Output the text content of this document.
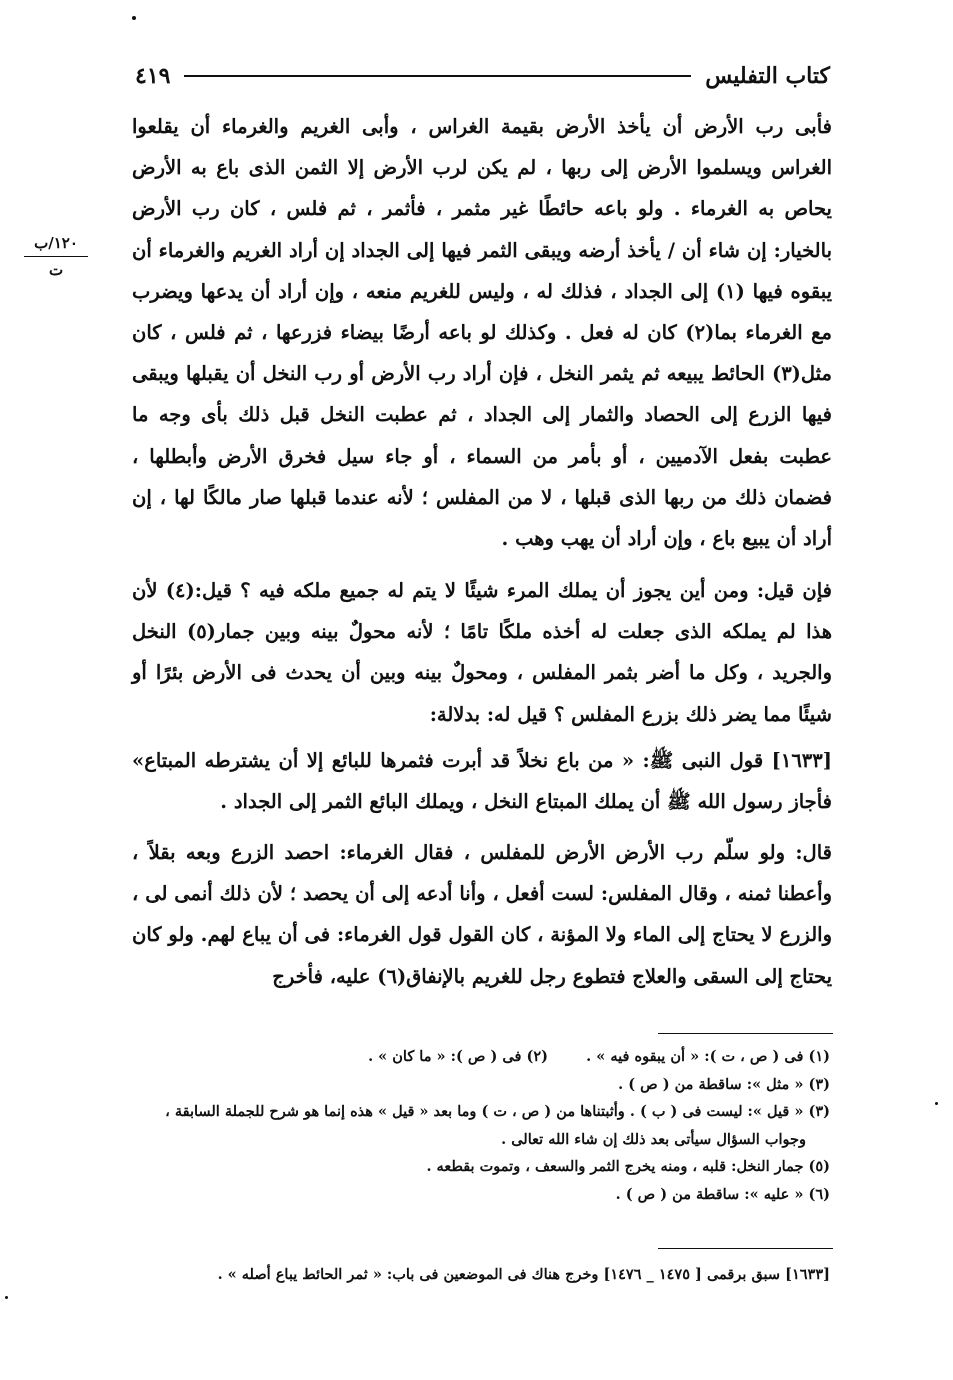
كتاب التفليس
٤١٩
١٢٠/ب
ت

فأبى رب الأرض أن يأخذ الأرض بقيمة الغراس ، وأبى الغريم والغرماء أن يقلعوا الغراس ويسلموا الأرض إلى ربها ، لم يكن لرب الأرض إلا الثمن الذى باع به الأرض يحاص به الغرماء . ولو باعه حائطًا غير مثمر ، فأثمر ، ثم فلس ، كان رب الأرض بالخيار: إن شاء أن / يأخذ أرضه ويبقى الثمر فيها إلى الجداد إن أراد الغريم والغرماء أن يبقوه فيها (١) إلى الجداد ، فذلك له ، وليس للغريم منعه ، وإن أراد أن يدعها ويضرب مع الغرماء بما(٢) كان له فعل . وكذلك لو باعه أرضًا بيضاء فزرعها ، ثم فلس ، كان مثل(٣) الحائط يبيعه ثم يثمر النخل ، فإن أراد رب الأرض أو رب النخل أن يقبلها ويبقى فيها الزرع إلى الحصاد والثمار إلى الجداد ، ثم عطبت النخل قبل ذلك بأى وجه ما عطبت بفعل الآدميين ، أو بأمر من السماء ، أو جاء سيل فخرق الأرض وأبطلها ، فضمان ذلك من ربها الذى قبلها ، لا من المفلس ؛ لأنه عندما قبلها صار مالكًا لها ، إن أراد أن يبيع باع ، وإن أراد أن يهب وهب .

فإن قيل: ومن أين يجوز أن يملك المرء شيئًا لا يتم له جميع ملكه فيه ؟ قيل:(٤) لأن هذا لم يملكه الذى جعلت له أخذه ملكًا تامًا ؛ لأنه محولٌ بينه وبين جمار(٥) النخل والجريد ، وكل ما أضر بثمر المفلس ، ومحولٌ بينه وبين أن يحدث فى الأرض بئرًا أو شيئًا مما يضر ذلك بزرع المفلس ؟ قيل له: بدلالة:

[١٦٣٣] قول النبى ﷺ: « من باع نخلاً قد أبرت فثمرها للبائع إلا أن يشترطه المبتاع» فأجاز رسول الله ﷺ أن يملك المبتاع النخل ، ويملك البائع الثمر إلى الجداد .

قال: ولو سلّم رب الأرض الأرض للمفلس ، فقال الغرماء: احصد الزرع وبعه بقلاً ، وأعطنا ثمنه ، وقال المفلس: لست أفعل ، وأنا أدعه إلى أن يحصد ؛ لأن ذلك أنمى لى ، والزرع لا يحتاج إلى الماء ولا المؤنة ، كان القول قول الغرماء: فى أن يباع لهم. ولو كان يحتاج إلى السقى والعلاج فتطوع رجل للغريم بالإنفاق(٦) عليه، فأخرج

(١) فى ( ص ، ت ): « أن يبقوه فيه » .
(٢) فى ( ص ): « ما كان » .
(٣) « مثل »: ساقطة من ( ص ) .
(٣) « قيل »: ليست فى ( ب ) . وأثبتناها من ( ص ، ت ) وما بعد « قيل » هذه إنما هو شرح للجملة السابقة ،
وجواب السؤال سيأتى بعد ذلك إن شاء الله تعالى .
(٥) جمار النخل: قلبه ، ومنه يخرج الثمر والسعف ، وتموت بقطعه .
(٦) « عليه »: ساقطة من ( ص ) .
[١٦٣٣] سبق برقمى [ ١٤٧٥ _ ١٤٧٦] وخرج هناك فى الموضعين فى باب: « ثمر الحائط يباع أصله » .
